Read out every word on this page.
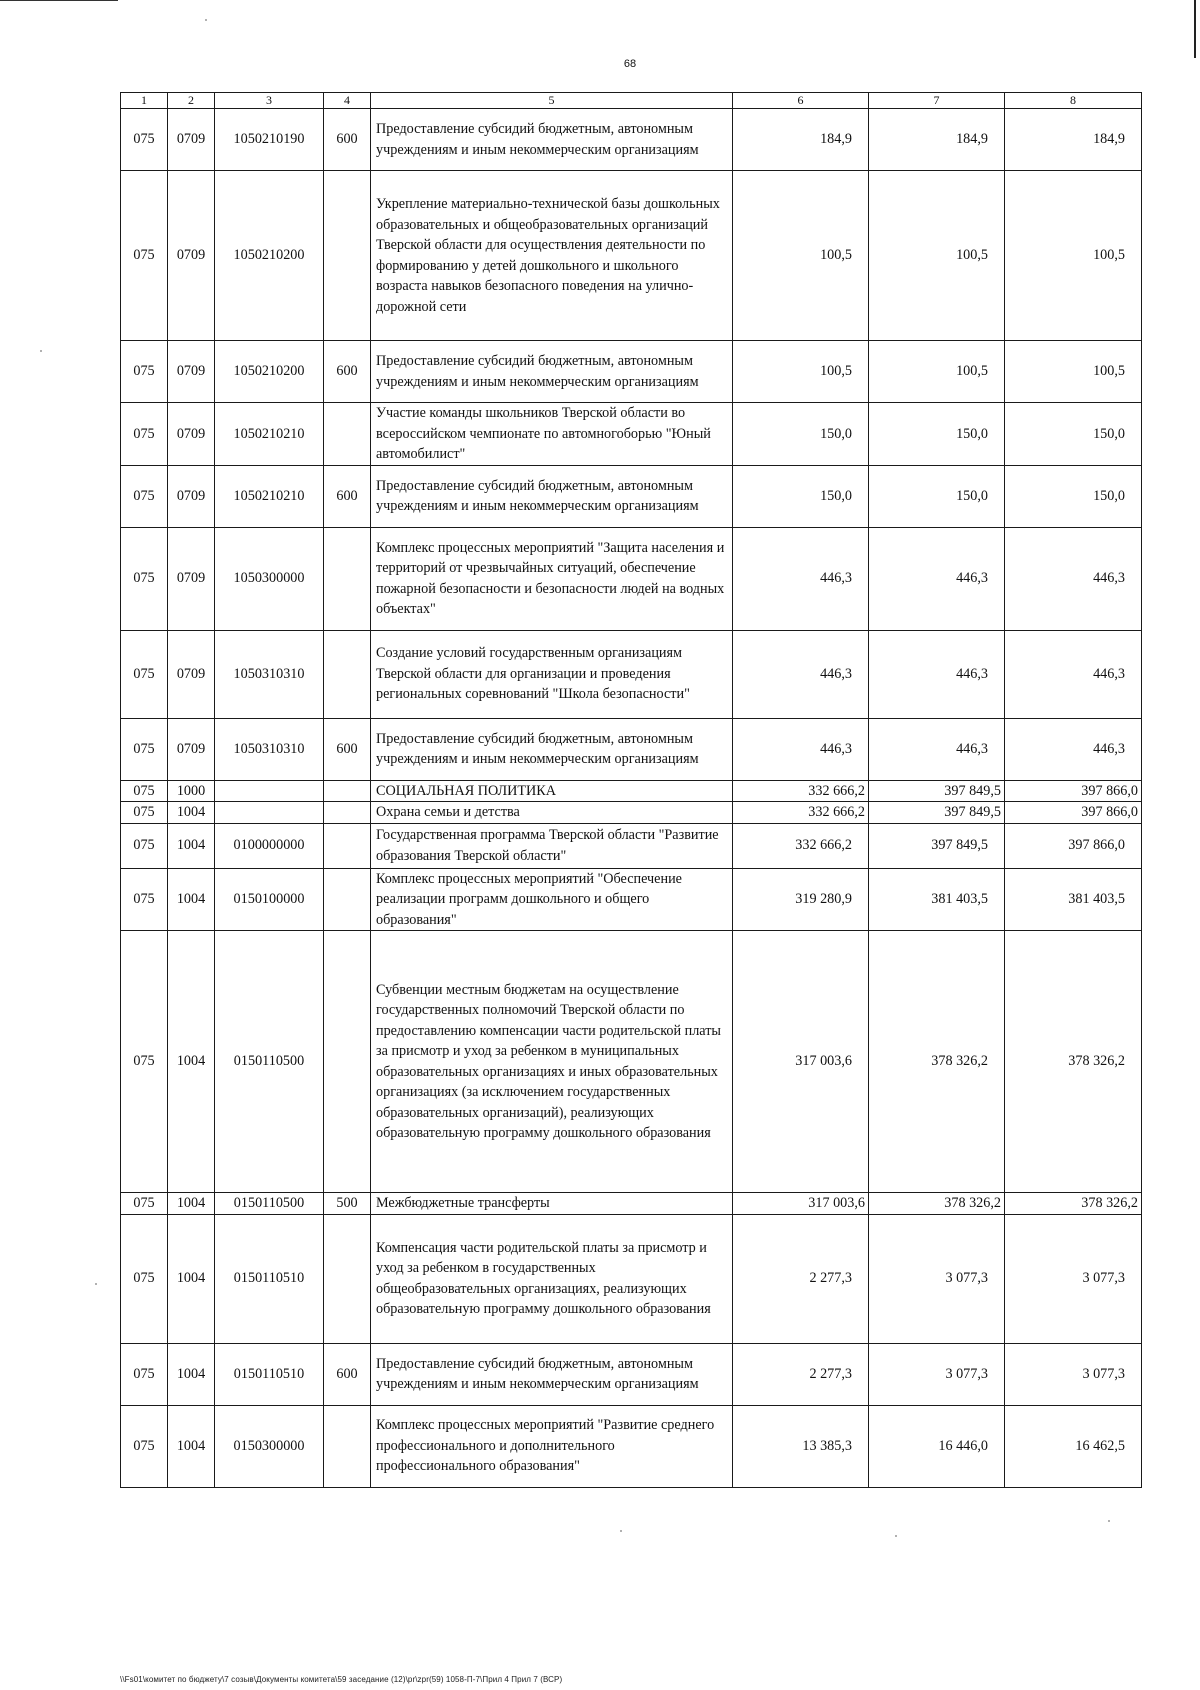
68
1	2	3	4	5	6	7	8
075	0709	1050210190	600	Предоставление субсидий бюджетным, автономным учреждениям и иным некоммерческим организациям	184,9	184,9	184,9
075	0709	1050210200		Укрепление материально-технической базы дошкольных образовательных и общеобразовательных организаций Тверской области для осуществления деятельности по формированию у детей дошкольного и школьного возраста навыков безопасного поведения на улично-дорожной сети	100,5	100,5	100,5
075	0709	1050210200	600	Предоставление субсидий бюджетным, автономным учреждениям и иным некоммерческим организациям	100,5	100,5	100,5
075	0709	1050210210		Участие команды школьников Тверской области во всероссийском чемпионате по автомногоборью "Юный автомобилист"	150,0	150,0	150,0
075	0709	1050210210	600	Предоставление субсидий бюджетным, автономным учреждениям и иным некоммерческим организациям	150,0	150,0	150,0
075	0709	1050300000		Комплекс процессных мероприятий "Защита населения и территорий от чрезвычайных ситуаций, обеспечение пожарной безопасности и безопасности людей на водных объектах"	446,3	446,3	446,3
075	0709	1050310310		Создание условий государственным организациям Тверской области для организации и проведения региональных соревнований "Школа безопасности"	446,3	446,3	446,3
075	0709	1050310310	600	Предоставление субсидий бюджетным, автономным учреждениям и иным некоммерческим организациям	446,3	446,3	446,3
075	1000			СОЦИАЛЬНАЯ ПОЛИТИКА	332 666,2	397 849,5	397 866,0
075	1004			Охрана семьи и детства	332 666,2	397 849,5	397 866,0
075	1004	0100000000		Государственная программа Тверской области "Развитие образования Тверской области"	332 666,2	397 849,5	397 866,0
075	1004	0150100000		Комплекс процессных мероприятий "Обеспечение реализации программ дошкольного и общего образования"	319 280,9	381 403,5	381 403,5
075	1004	0150110500		Субвенции местным бюджетам на осуществление государственных полномочий Тверской области по предоставлению компенсации части родительской платы за присмотр и уход за ребенком в муниципальных образовательных организациях и иных образовательных организациях (за исключением государственных образовательных организаций), реализующих образовательную программу дошкольного образования	317 003,6	378 326,2	378 326,2
075	1004	0150110500	500	Межбюджетные трансферты	317 003,6	378 326,2	378 326,2
075	1004	0150110510		Компенсация части родительской платы за присмотр и уход за ребенком в государственных общеобразовательных организациях, реализующих образовательную программу дошкольного образования	2 277,3	3 077,3	3 077,3
075	1004	0150110510	600	Предоставление субсидий бюджетным, автономным учреждениям и иным некоммерческим организациям	2 277,3	3 077,3	3 077,3
075	1004	0150300000		Комплекс процессных мероприятий "Развитие среднего профессионального и дополнительного профессионального образования"	13 385,3	16 446,0	16 462,5
\\Fs01\комитет по бюджету\7 созыв\Документы комитета\59 заседание (12)\pr\zpr(59) 1058-П-7\Прил 4 Прил 7 (ВСР)
